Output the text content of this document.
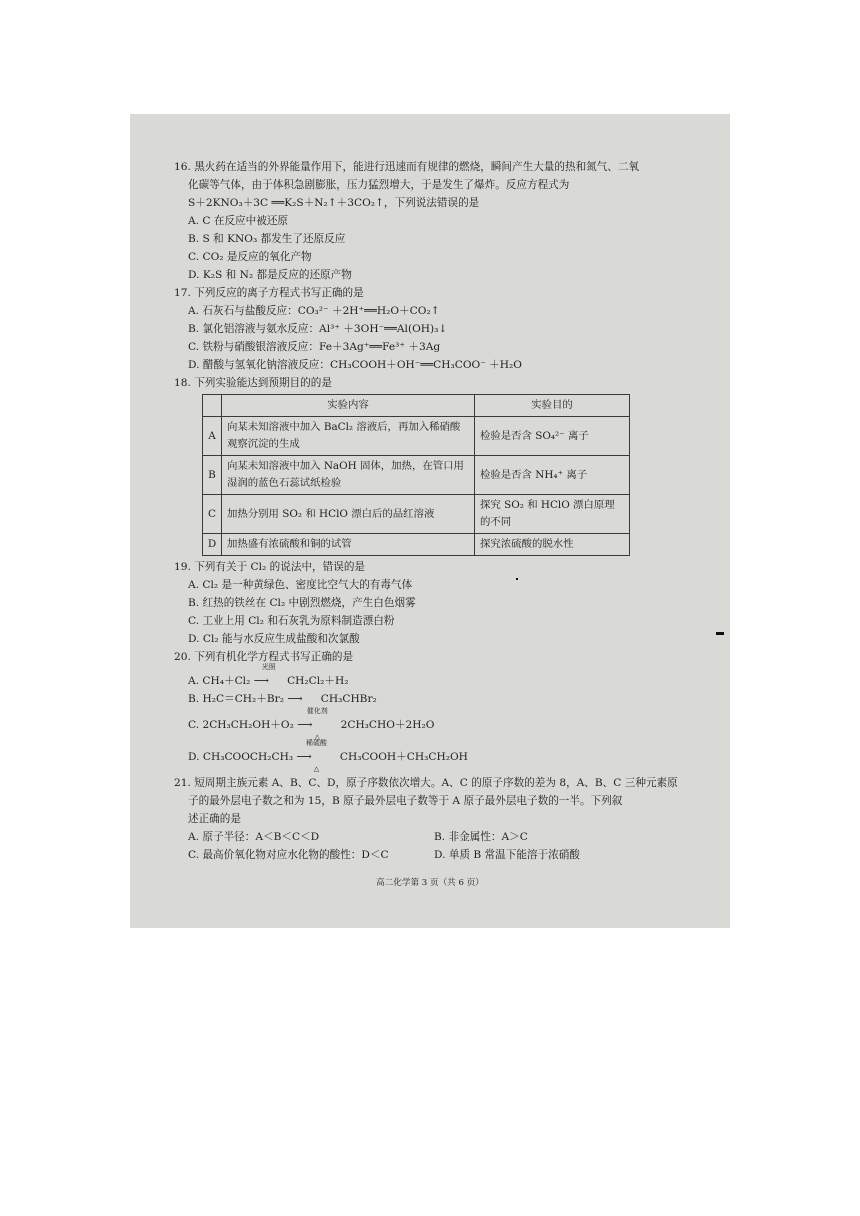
16. 黑火药在适当的外界能量作用下，能进行迅速而有规律的燃烧，瞬间产生大量的热和氮气、二氧
化碳等气体，由于体积急剧膨胀，压力猛烈增大，于是发生了爆炸。反应方程式为
S＋2KNO₃＋3C ══K₂S＋N₂↑＋3CO₂↑，下列说法错误的是
A. C 在反应中被还原
B. S 和 KNO₃ 都发生了还原反应
C. CO₂ 是反应的氧化产物
D. K₂S 和 N₂ 都是反应的还原产物
17. 下列反应的离子方程式书写正确的是
A. 石灰石与盐酸反应：CO₃²⁻ ＋2H⁺══H₂O＋CO₂↑
B. 氯化铝溶液与氨水反应：Al³⁺ ＋3OH⁻══Al(OH)₃↓
C. 铁粉与硝酸银溶液反应：Fe＋3Ag⁺══Fe³⁺ ＋3Ag
D. 醋酸与氢氧化钠溶液反应：CH₃COOH＋OH⁻══CH₃COO⁻ ＋H₂O
18. 下列实验能达到预期目的的是
	实验内容	实验目的
A	向某未知溶液中加入 BaCl₂ 溶液后，再加入稀硝酸观察沉淀的生成	检验是否含 SO₄²⁻ 离子
B	向某未知溶液中加入 NaOH 固体，加热，在管口用湿润的蓝色石蕊试纸检验	检验是否含 NH₄⁺ 离子
C	加热分别用 SO₂ 和 HClO 漂白后的品红溶液	探究 SO₂ 和 HClO 漂白原理的不同
D	加热盛有浓硫酸和铜的试管	探究浓硫酸的脱水性
19. 下列有关于 Cl₂ 的说法中，错误的是
A. Cl₂ 是一种黄绿色、密度比空气大的有毒气体
B. 红热的铁丝在 Cl₂ 中剧烈燃烧，产生白色烟雾
C. 工业上用 Cl₂ 和石灰乳为原料制造漂白粉
D. Cl₂ 能与水反应生成盐酸和次氯酸
20. 下列有机化学方程式书写正确的是
A. CH₄＋Cl₂
光照
⟶ CH₂Cl₂＋H₂
B. H₂C＝CH₂＋Br₂ ⟶ CH₃CHBr₂
C. 2CH₃CH₂OH＋O₂
催化剂
⟶
△
2CH₃CHO＋2H₂O
D. CH₃COOCH₂CH₃
稀硫酸
⟶
△
CH₃COOH＋CH₃CH₂OH
21. 短周期主族元素 A、B、C、D，原子序数依次增大。A、C 的原子序数的差为 8，A、B、C 三种元素原
子的最外层电子数之和为 15，B 原子最外层电子数等于 A 原子最外层电子数的一半。下列叙
述正确的是
A. 原子半径：A＜B＜C＜D	B. 非金属性：A＞C
C. 最高价氧化物对应水化物的酸性：D＜C	D. 单质 B 常温下能溶于浓硝酸
高二化学第 3 页（共 6 页）
